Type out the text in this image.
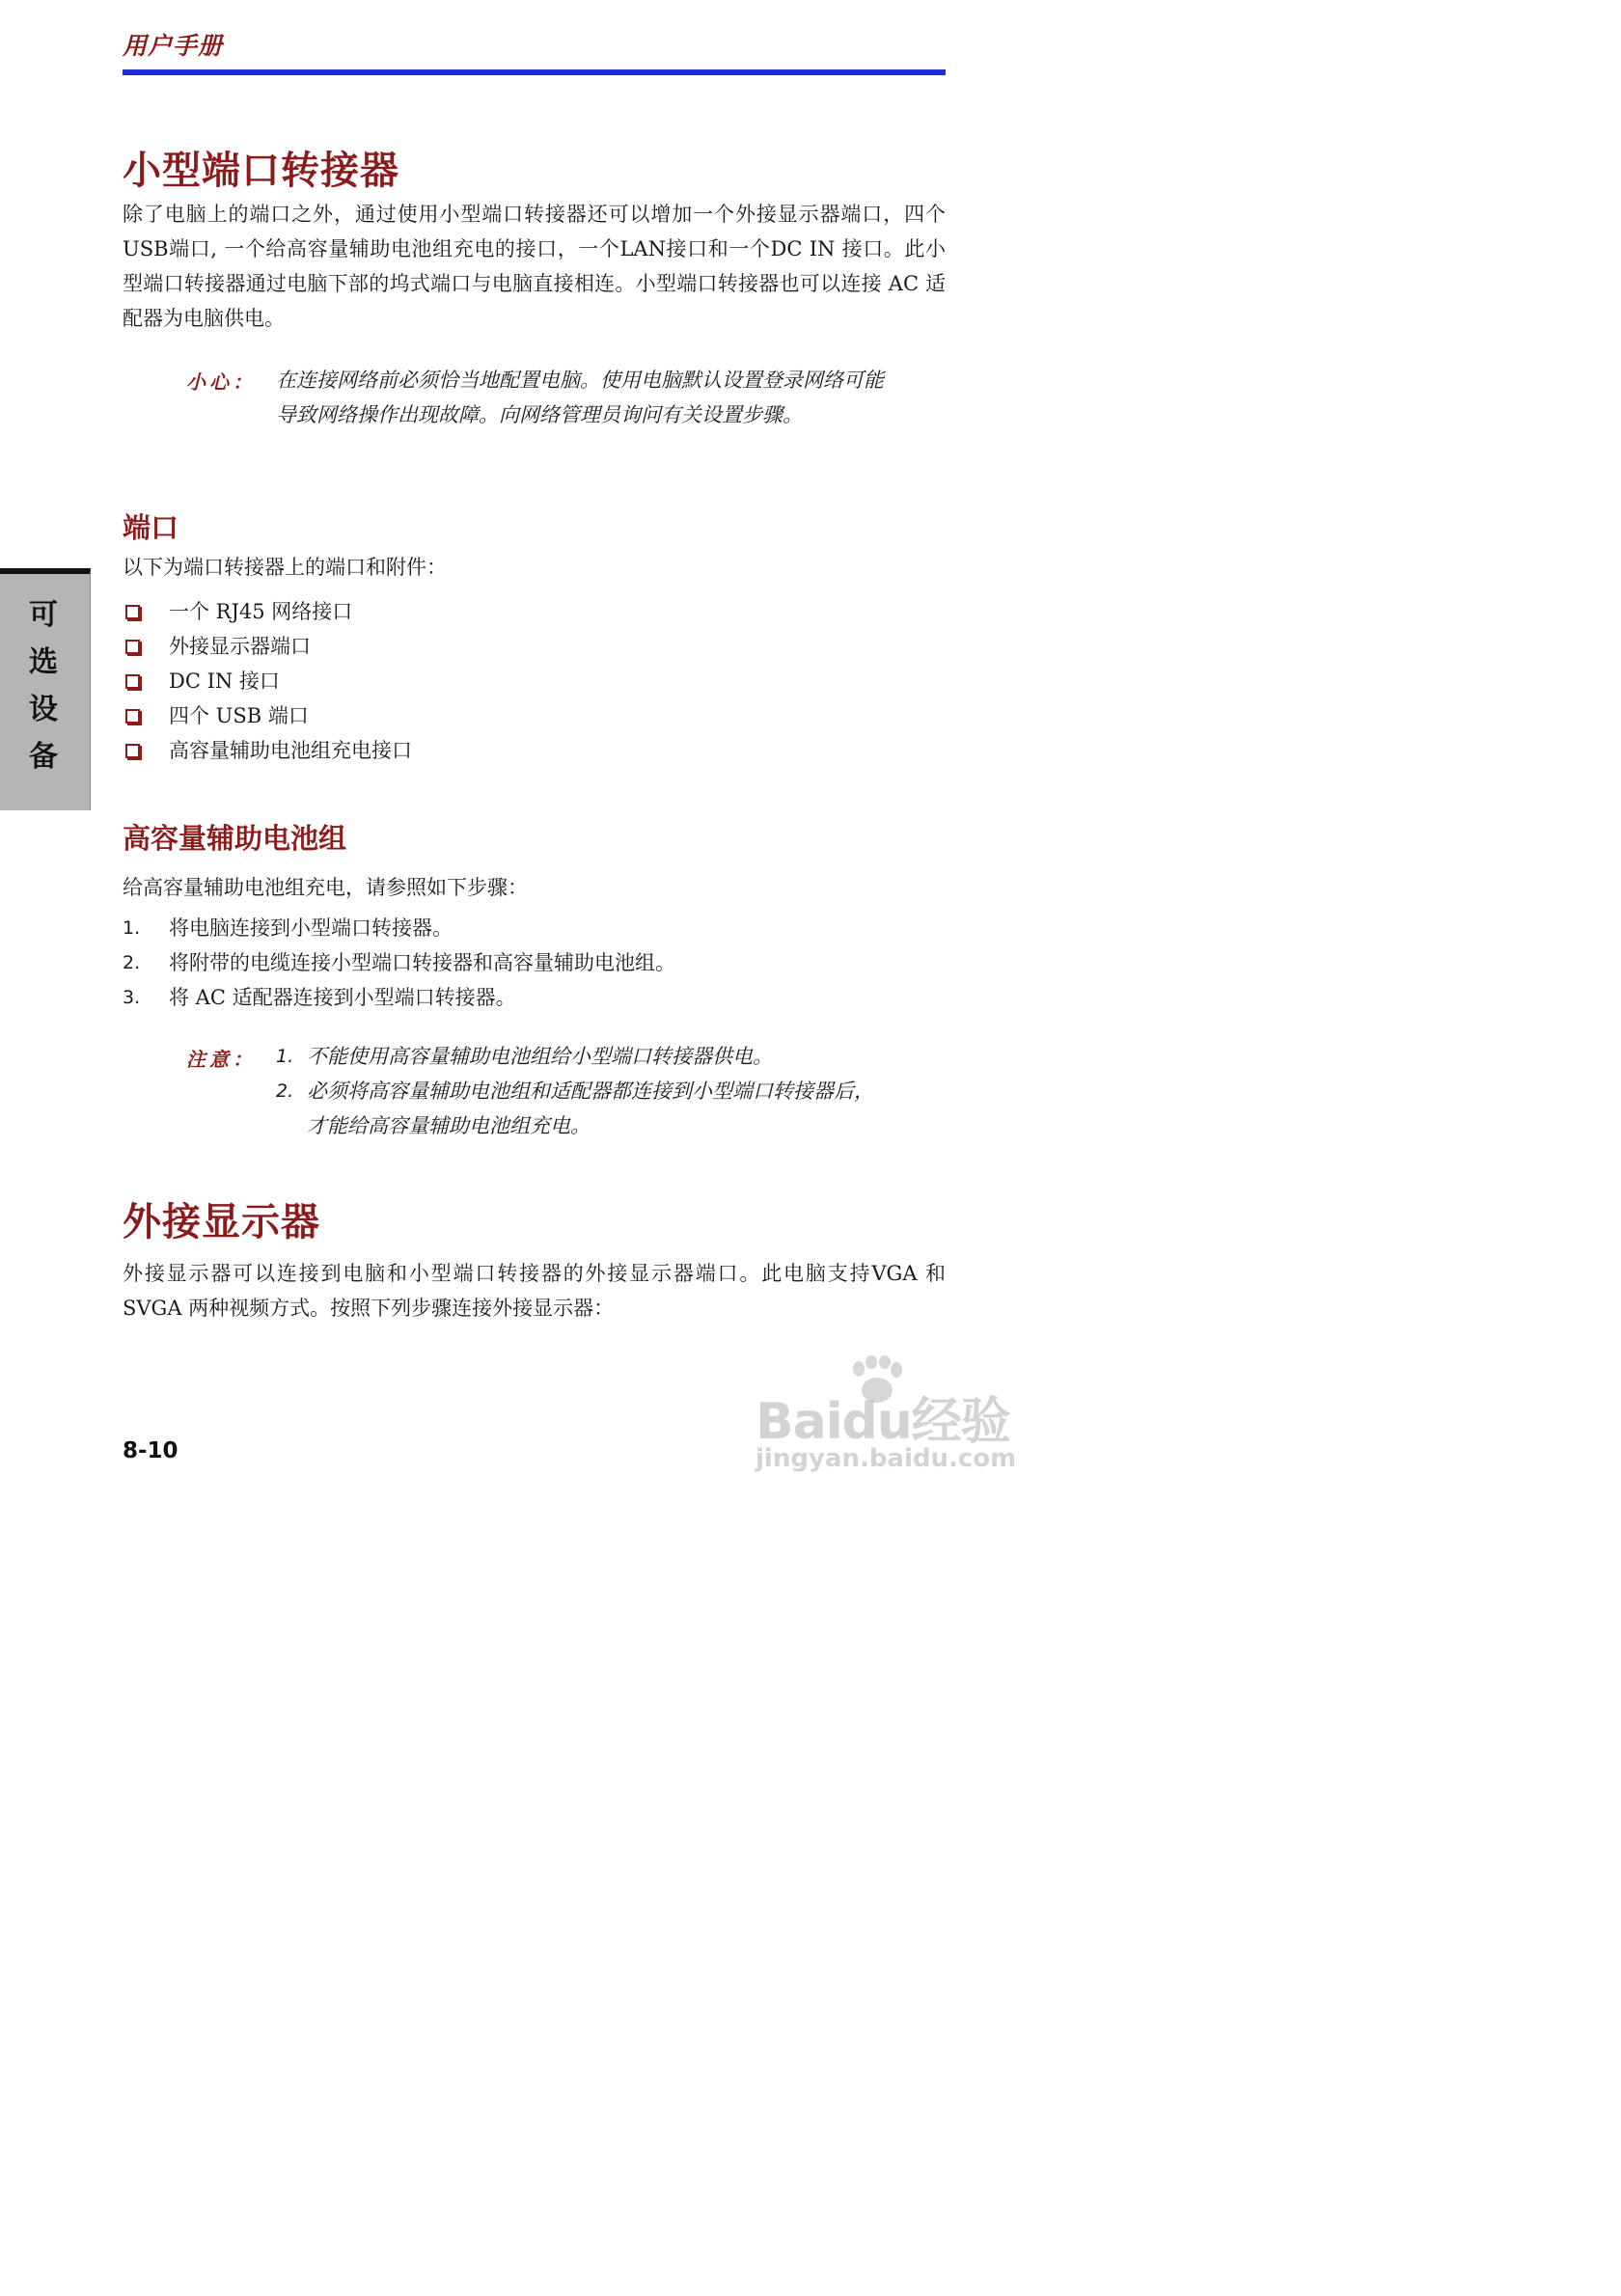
用户手册
小型端口转接器

除了电脑上的端口之外，通过使用小型端口转接器还可以增加一个外接显示器端口，四个USB端口, 一个给高容量辅助电池组充电的接口，一个LAN接口和一个DC IN 接口。此小型端口转接器通过电脑下部的坞式端口与电脑直接相连。小型端口转接器也可以连接 AC 适配器为电脑供电。

小心： 在连接网络前必须恰当地配置电脑。使用电脑默认设置登录网络可能导致网络操作出现故障。向网络管理员询问有关设置步骤。

端口

以下为端口转接器上的端口和附件：

一个 RJ45 网络接口
外接显示器端口
DC IN 接口
四个 USB 端口
高容量辅助电池组充电接口
高容量辅助电池组

给高容量辅助电池组充电，请参照如下步骤：

1. 将电脑连接到小型端口转接器。
2. 将附带的电缆连接小型端口转接器和高容量辅助电池组。
3. 将 AC 适配器连接到小型端口转接器。
注意： 1. 不能使用高容量辅助电池组给小型端口转接器供电。
2. 必须将高容量辅助电池组和适配器都连接到小型端口转接器后，才能给高容量辅助电池组充电。
外接显示器

外接显示器可以连接到电脑和小型端口转接器的外接显示器端口。此电脑支持VGA 和 SVGA 两种视频方式。按照下列步骤连接外接显示器：

可
选
设
备
8-10	Baidu经验
jingyan.baidu.com
